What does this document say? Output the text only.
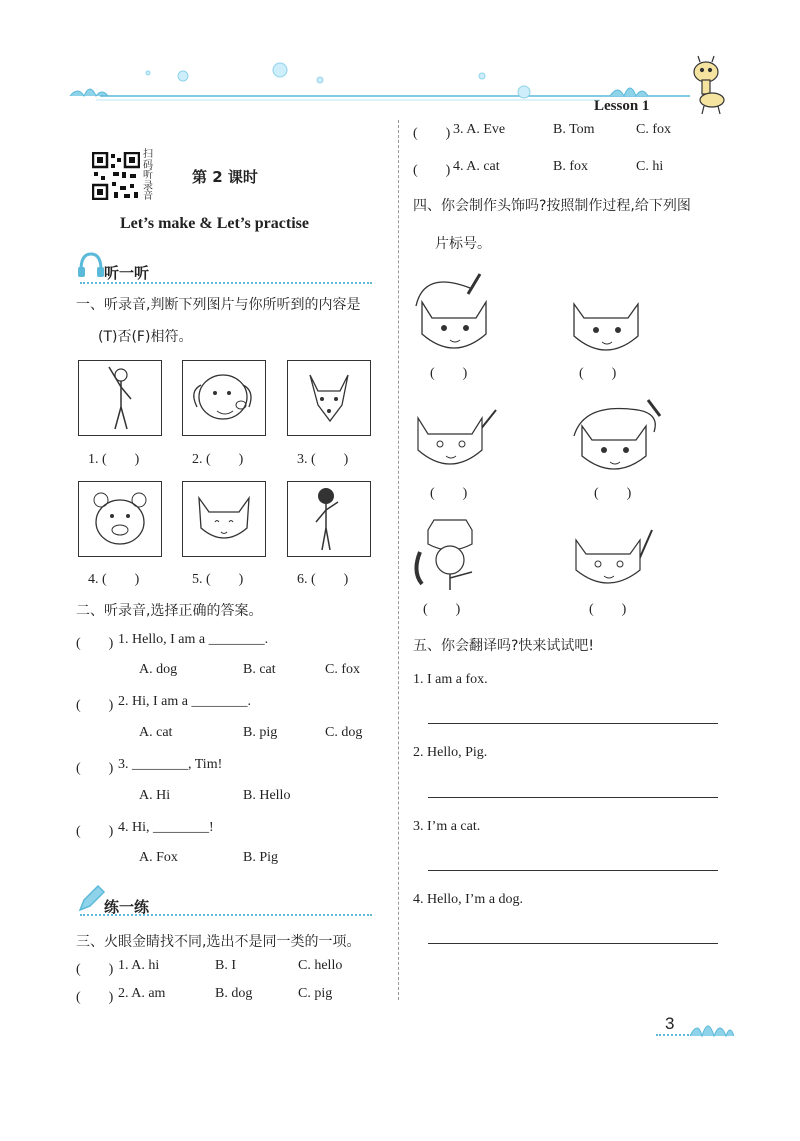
Lesson 1
扫
码
听
录
音
第 2 课时
Let’s make & Let’s practise
听一听
一、听录音,判断下列图片与你所听到的内容是
(T)否(F)相符。
1. (　　)	2. (　　)	3. (　　)
4. (　　)	5. (　　)	6. (　　)
二、听录音,选择正确的答案。
(　　) 1. Hello, I am a ________.
A. dog	B. cat	C. fox
(　　) 2. Hi, I am a ________.
A. cat	B. pig	C. dog
(　　) 3. ________, Tim!
A. Hi	B. Hello
(　　) 4. Hi, ________!
A. Fox	B. Pig
练一练
三、火眼金睛找不同,选出不是同一类的一项。
(　　) 1. A. hi	B. I	C. hello
(　　) 2. A. am	B. dog	C. pig
(　　) 3. A. Eve	B. Tom	C. fox
(　　) 4. A. cat	B. fox	C. hi
四、你会制作头饰吗?按照制作过程,给下列图
片标号。
(　　)	(　　)
(　　)	(　　)
(　　)	(　　)
五、你会翻译吗?快来试试吧!
1. I am a fox.
2. Hello, Pig.
3. I’m a cat.
4. Hello, I’m a dog.
3
